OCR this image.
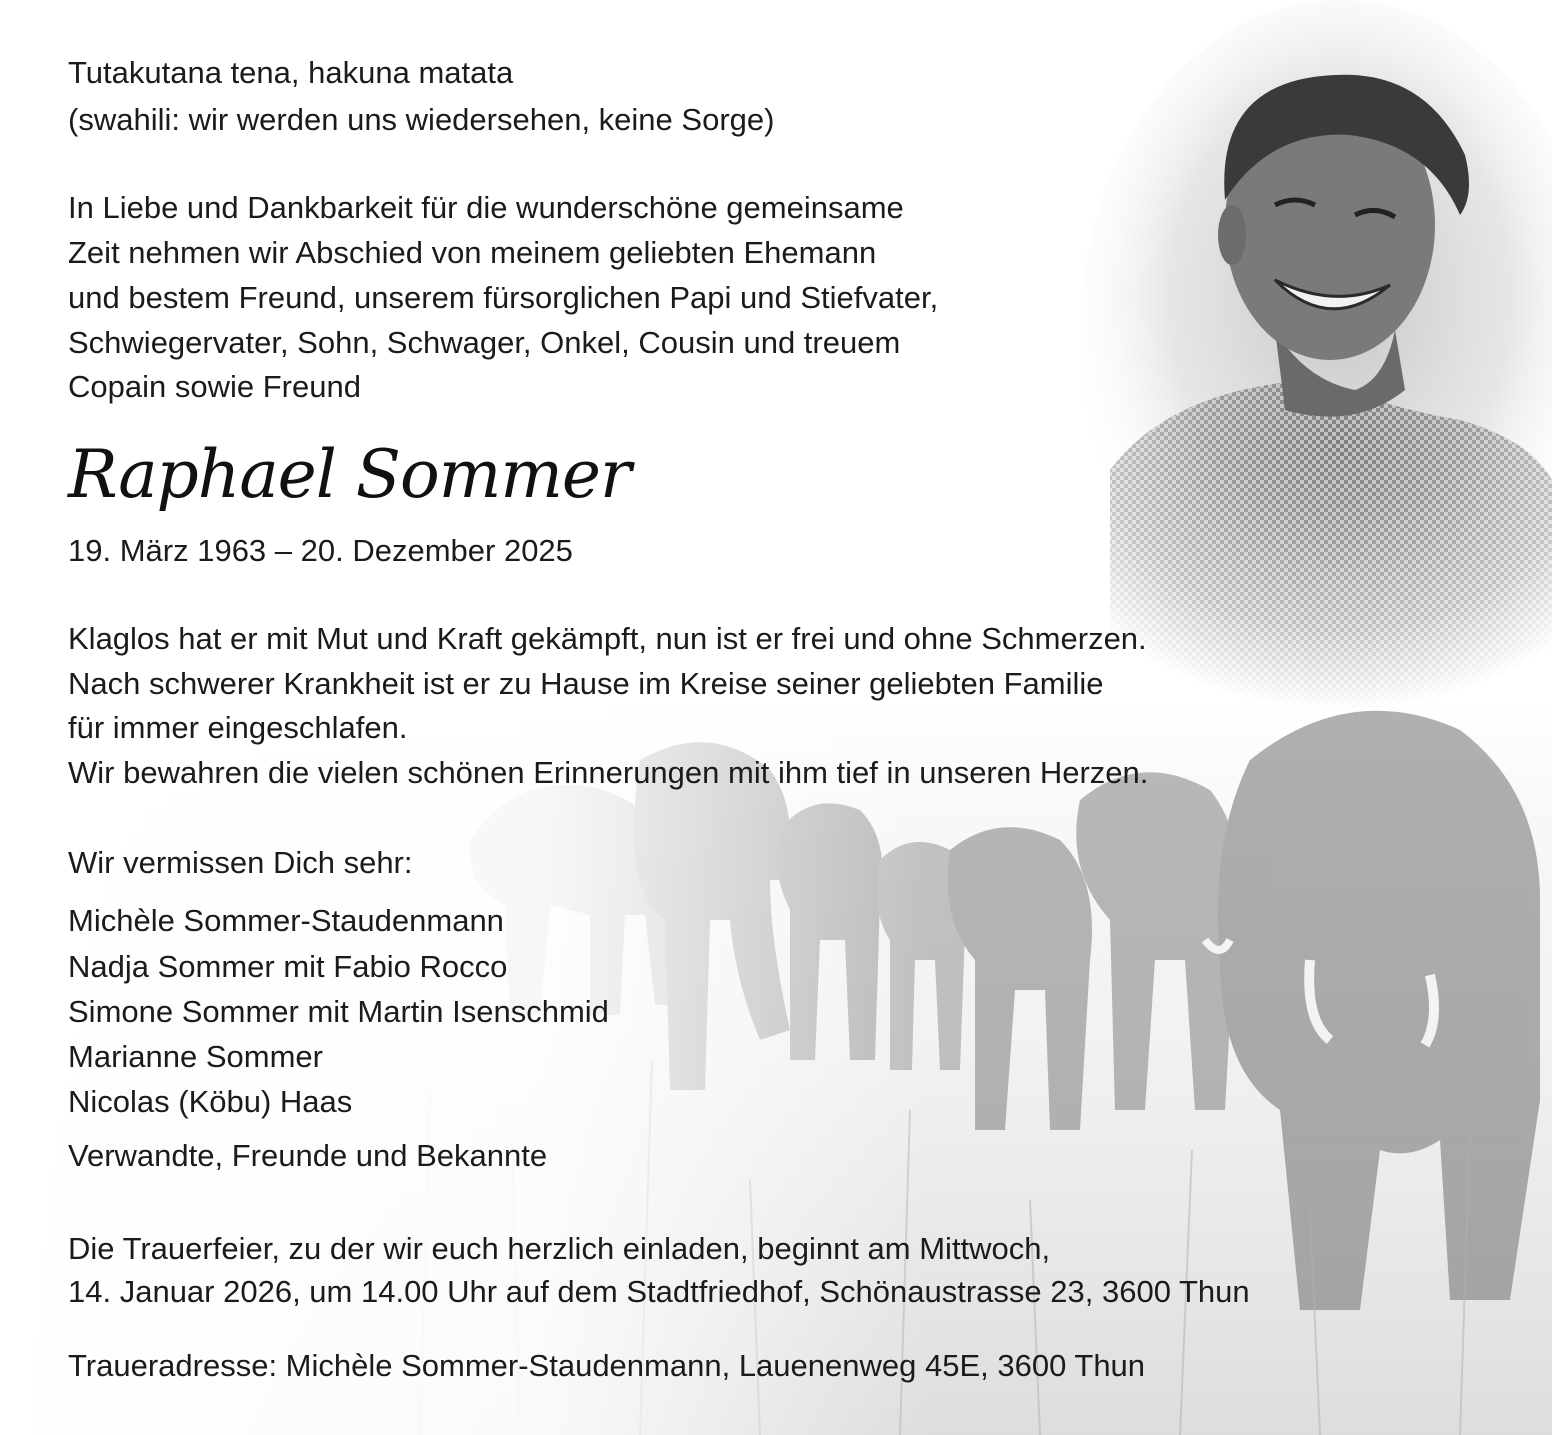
Tutakutana tena, hakuna matata
(swahili: wir werden uns wiedersehen, keine Sorge)
In Liebe und Dankbarkeit für die wunderschöne gemeinsame
Zeit nehmen wir Abschied von meinem geliebten Ehemann
und bestem Freund, unserem fürsorglichen Papi und Stiefvater,
Schwiegervater, Sohn, Schwager, Onkel, Cousin und treuem
Copain sowie Freund
Raphael Sommer
19. März 1963 – 20. Dezember 2025
Klaglos hat er mit Mut und Kraft gekämpft, nun ist er frei und ohne Schmerzen.
Nach schwerer Krankheit ist er zu Hause im Kreise seiner geliebten Familie
für immer eingeschlafen.
Wir bewahren die vielen schönen Erinnerungen mit ihm tief in unseren Herzen.
Wir vermissen Dich sehr:
Michèle Sommer-Staudenmann
Nadja Sommer mit Fabio Rocco
Simone Sommer mit Martin Isenschmid
Marianne Sommer
Nicolas (Köbu) Haas
Verwandte, Freunde und Bekannte
Die Trauerfeier, zu der wir euch herzlich einladen, beginnt am Mittwoch,
14. Januar 2026, um 14.00 Uhr auf dem Stadtfriedhof, Schönaustrasse 23, 3600 Thun
Traueradresse: Michèle Sommer-Staudenmann, Lauenenweg 45E, 3600 Thun
